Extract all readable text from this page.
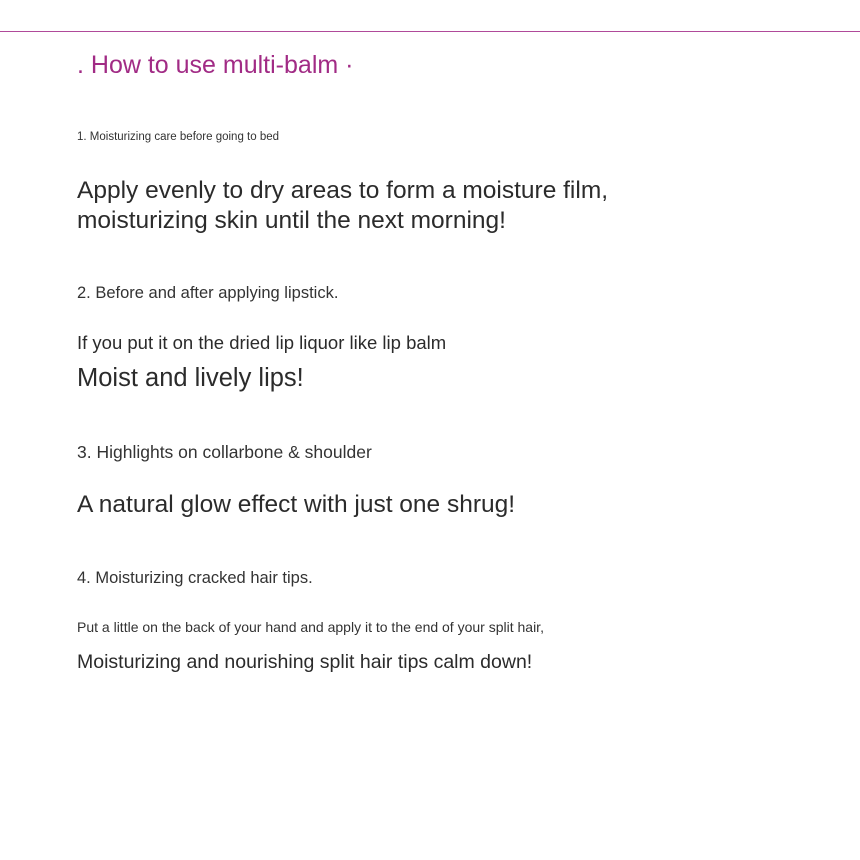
. How to use multi-balm ·

1. Moisturizing care before going to bed

Apply evenly to dry areas to form a moisture film, moisturizing skin until the next morning!

2. Before and after applying lipstick.

If you put it on the dried lip liquor like lip balm

Moist and lively lips!

3. Highlights on collarbone & shoulder

A natural glow effect with just one shrug!

4. Moisturizing cracked hair tips.

Put a little on the back of your hand and apply it to the end of your split hair,

Moisturizing and nourishing split hair tips calm down!
